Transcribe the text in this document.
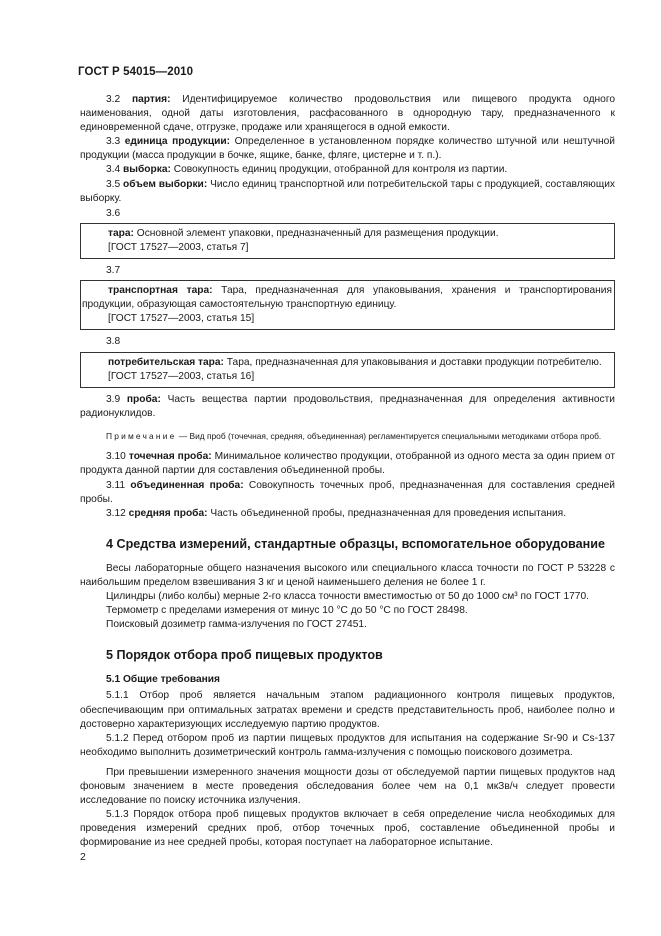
ГОСТ Р 54015—2010

3.2 партия: Идентифицируемое количество продовольствия или пищевого продукта одного наименования, одной даты изготовления, расфасованного в однородную тару, предназначенного к единовременной сдаче, отгрузке, продаже или хранящегося в одной емкости.

3.3 единица продукции: Определенное в установленном порядке количество штучной или нештучной продукции (масса продукции в бочке, ящике, банке, фляге, цистерне и т. п.).

3.4 выборка: Совокупность единиц продукции, отобранной для контроля из партии.

3.5 объем выборки: Число единиц транспортной или потребительской тары с продукцией, составляющих выборку.

3.6

тара: Основной элемент упаковки, предназначенный для размещения продукции.

[ГОСТ 17527—2003, статья 7]

3.7

транспортная тара: Тара, предназначенная для упаковывания, хранения и транспортирования продукции, образующая самостоятельную транспортную единицу.

[ГОСТ 17527—2003, статья 15]

3.8

потребительская тара: Тара, предназначенная для упаковывания и доставки продукции потребителю.

[ГОСТ 17527—2003, статья 16]

3.9 проба: Часть вещества партии продовольствия, предназначенная для определения активности радионуклидов.

Примечание — Вид проб (точечная, средняя, объединенная) регламентируется специальными методиками отбора проб.

3.10 точечная проба: Минимальное количество продукции, отобранной из одного места за один прием от продукта данной партии для составления объединенной пробы.

3.11 объединенная проба: Совокупность точечных проб, предназначенная для составления средней пробы.

3.12 средняя проба: Часть объединенной пробы, предназначенная для проведения испытания.

4 Средства измерений, стандартные образцы, вспомогательное оборудование

Весы лабораторные общего назначения высокого или специального класса точности по ГОСТ Р 53228 с наибольшим пределом взвешивания 3 кг и ценой наименьшего деления не более 1 г.

Цилиндры (либо колбы) мерные 2-го класса точности вместимостью от 50 до 1000 см³ по ГОСТ 1770.

Термометр с пределами измерения от минус 10 °С до 50 °С по ГОСТ 28498.

Поисковый дозиметр гамма-излучения по ГОСТ 27451.

5 Порядок отбора проб пищевых продуктов

5.1 Общие требования

5.1.1 Отбор проб является начальным этапом радиационного контроля пищевых продуктов, обеспечивающим при оптимальных затратах времени и средств представительность проб, наиболее полно и достоверно характеризующих исследуемую партию продуктов.

5.1.2 Перед отбором проб из партии пищевых продуктов для испытания на содержание Sr-90 и Cs-137 необходимо выполнить дозиметрический контроль гамма-излучения с помощью поискового дозиметра.

При превышении измеренного значения мощности дозы от обследуемой партии пищевых продуктов над фоновым значением в месте проведения обследования более чем на 0,1 мкЗв/ч следует провести исследование по поиску источника излучения.

5.1.3 Порядок отбора проб пищевых продуктов включает в себя определение числа необходимых для проведения измерений средних проб, отбор точечных проб, составление объединенной пробы и формирование из нее средней пробы, которая поступает на лабораторное испытание.

2
